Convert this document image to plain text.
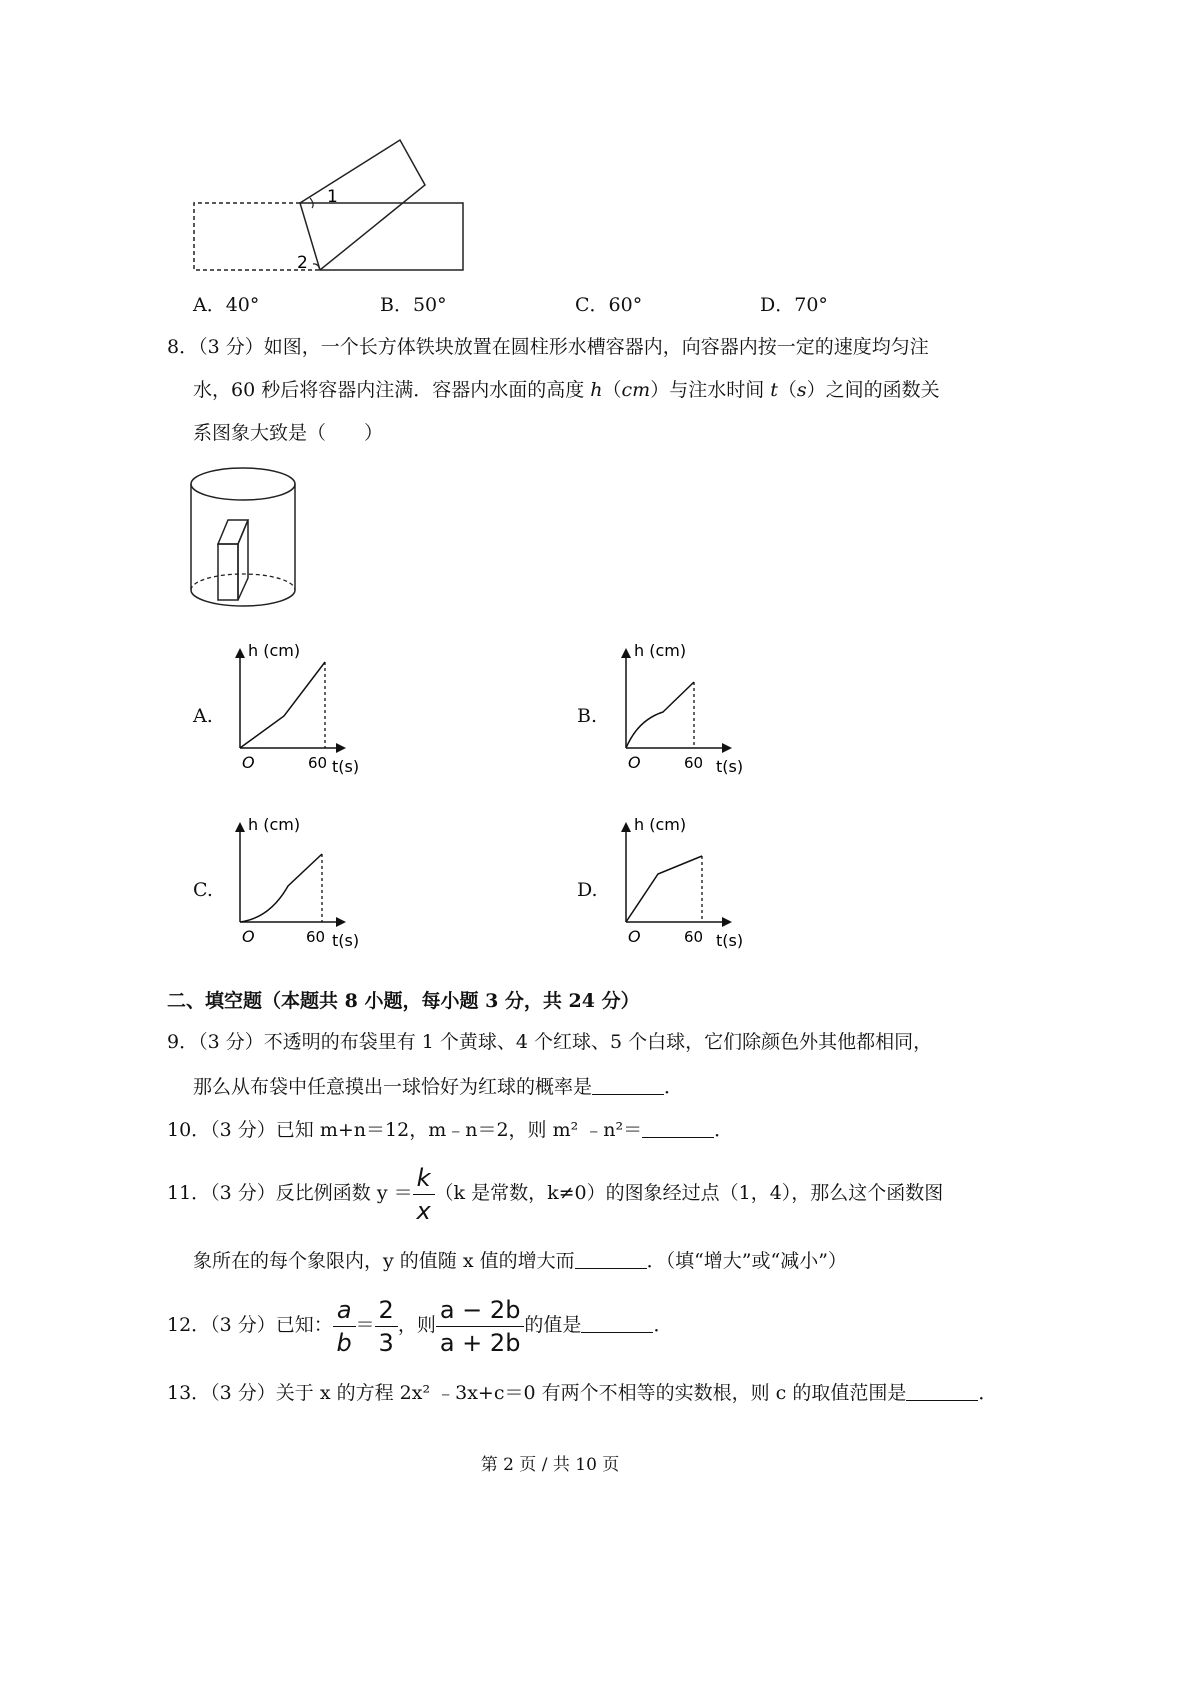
1
2
A．40°	B．50°	C．60°	D．70°
8．（3 分）如图，一个长方体铁块放置在圆柱形水槽容器内，向容器内按一定的速度均匀注
水，60 秒后将容器内注满．容器内水面的高度 h（cm）与注水时间 t（s）之间的函数关
系图象大致是（　　）
A.	B.
C.	D.
h (cm)
t(s)
O	60
h (cm)
t(s)
O	60
h (cm)
t(s)
O	60
h (cm)
t(s)
O	60
二、填空题（本题共 8 小题，每小题 3 分，共 24 分）
9．（3 分）不透明的布袋里有 1 个黄球、4 个红球、5 个白球，它们除颜色外其他都相同，
那么从布袋中任意摸出一球恰好为红球的概率是	．
10．（3 分）已知 m+n＝12，m﹣n＝2，则 m² ﹣n²＝	．
11．（3 分）反比例函数 $y = \frac{k}{x} (k$ 是常数，k≠0）的图象经过点（1，4），那么这个函数图
象所在的每个象限内，y 的值随 x 值的增大而	．（填“增大”或“减小”）
12．（3 分）已知： $\frac{a}{b} = \frac{2}{3}$ ，则 $\frac{a - 2b}{a + 2b}$ 的值是	．
13．（3 分）关于 x 的方程 2x² ﹣3x+c＝0 有两个不相等的实数根，则 c 的取值范围是	．
第 2 页 / 共 10 页
